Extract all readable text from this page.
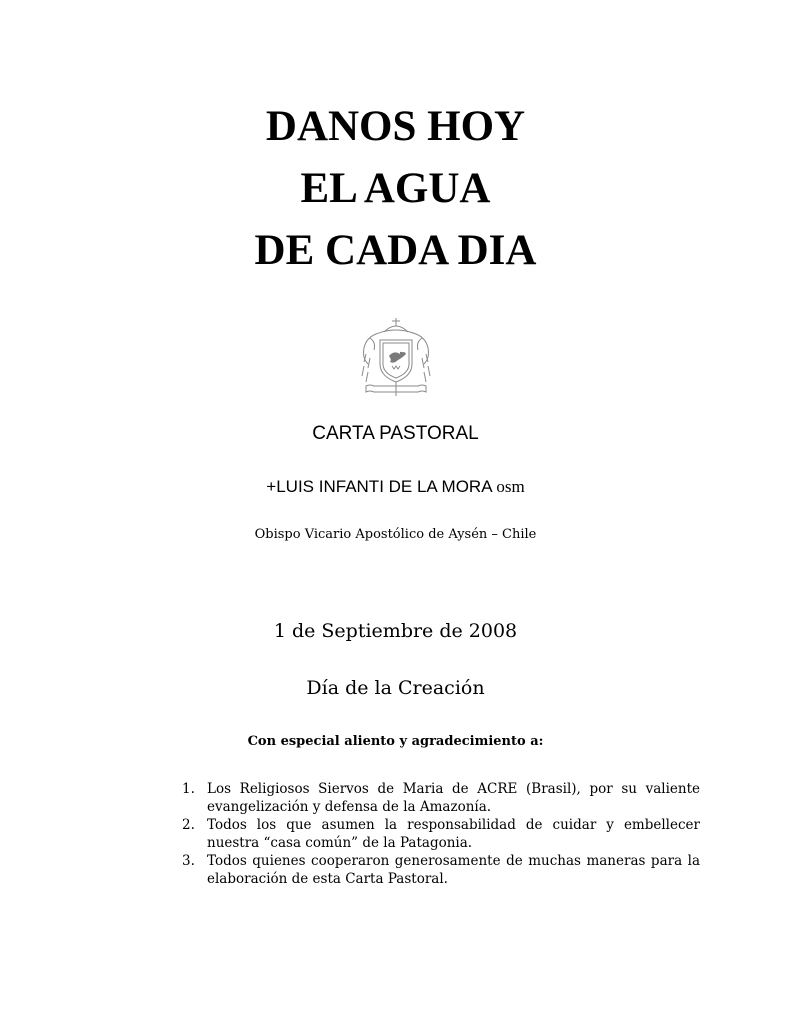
DANOS HOY
EL AGUA
DE CADA DIA
CARTA PASTORAL
+LUIS INFANTI DE LA MORA osm
Obispo Vicario Apostólico de Aysén – Chile
1 de Septiembre de 2008
Día de la Creación
Con especial aliento y agradecimiento a:
1. Los Religiosos Siervos de Maria de ACRE (Brasil), por su valiente evangelización y defensa de la Amazonía.
2. Todos los que asumen la responsabilidad de cuidar y embellecer nuestra “casa común” de la Patagonia.
3. Todos quienes cooperaron generosamente de muchas maneras para la elaboración de esta Carta Pastoral.
